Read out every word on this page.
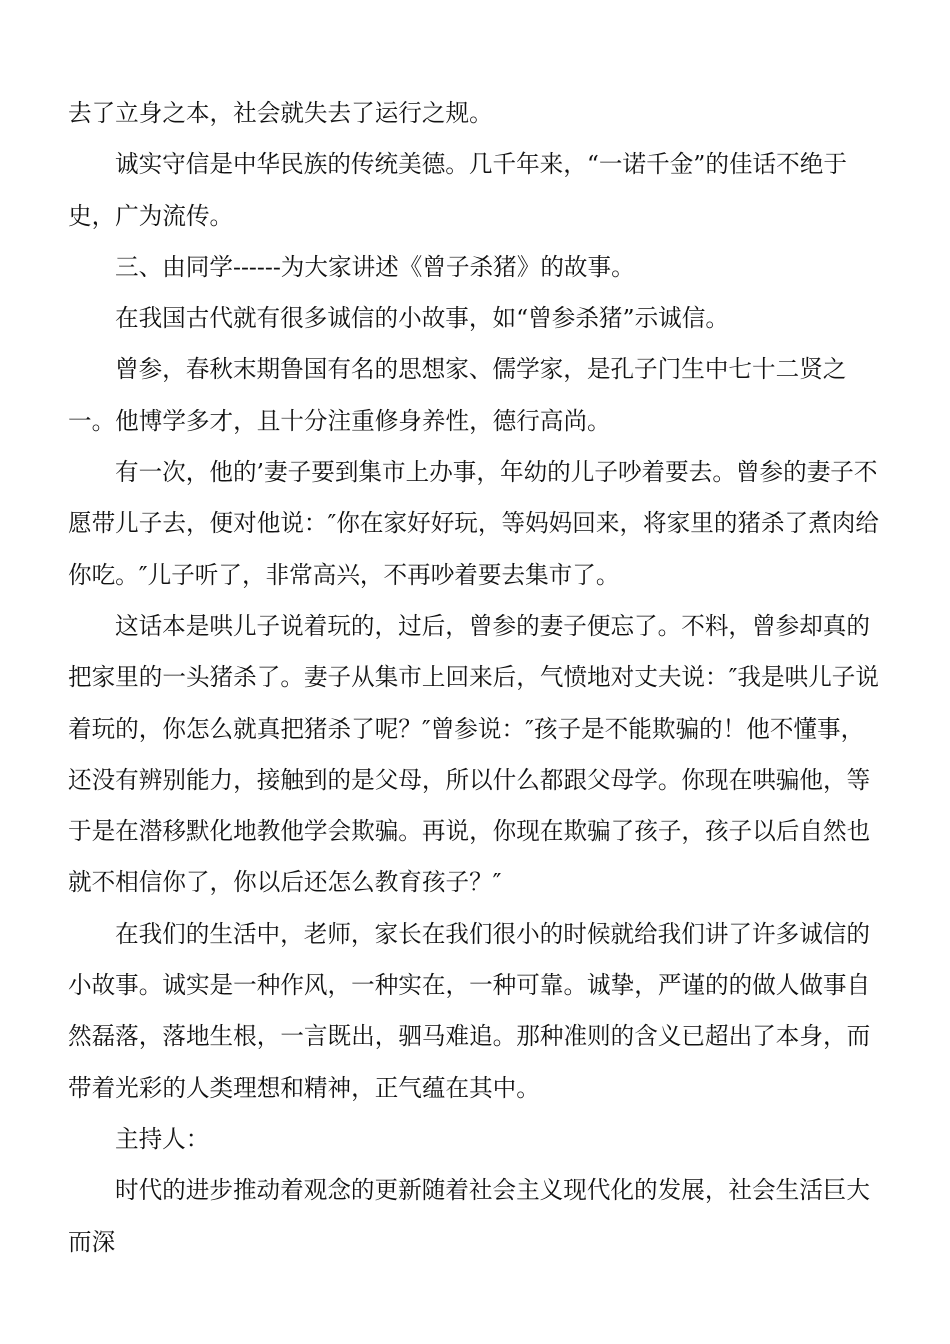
去了立身之本，社会就失去了运行之规。

诚实守信是中华民族的传统美德。几千年来，“一诺千金”的佳话不绝于史，广为流传。

三、由同学------为大家讲述《曾子杀猪》的故事。

在我国古代就有很多诚信的小故事，如“曾参杀猪”示诚信。

曾参，春秋末期鲁国有名的思想家、儒学家，是孔子门生中七十二贤之一。他博学多才，且十分注重修身养性，德行高尚。

有一次，他的’妻子要到集市上办事，年幼的儿子吵着要去。曾参的妻子不愿带儿子去，便对他说：″你在家好好玩，等妈妈回来，将家里的猪杀了煮肉给你吃。″儿子听了，非常高兴，不再吵着要去集市了。

这话本是哄儿子说着玩的，过后，曾参的妻子便忘了。不料，曾参却真的把家里的一头猪杀了。妻子从集市上回来后，气愤地对丈夫说：″我是哄儿子说着玩的，你怎么就真把猪杀了呢？″曾参说：″孩子是不能欺骗的！他不懂事，还没有辨别能力，接触到的是父母，所以什么都跟父母学。你现在哄骗他，等于是在潜移默化地教他学会欺骗。再说，你现在欺骗了孩子，孩子以后自然也就不相信你了，你以后还怎么教育孩子？″

在我们的生活中，老师，家长在我们很小的时候就给我们讲了许多诚信的小故事。诚实是一种作风，一种实在，一种可靠。诚挚，严谨的的做人做事自然磊落，落地生根，一言既出，驷马难追。那种准则的含义已超出了本身，而带着光彩的人类理想和精神，正气蕴在其中。

主持人：

时代的进步推动着观念的更新随着社会主义现代化的发展，社会生活巨大而深
